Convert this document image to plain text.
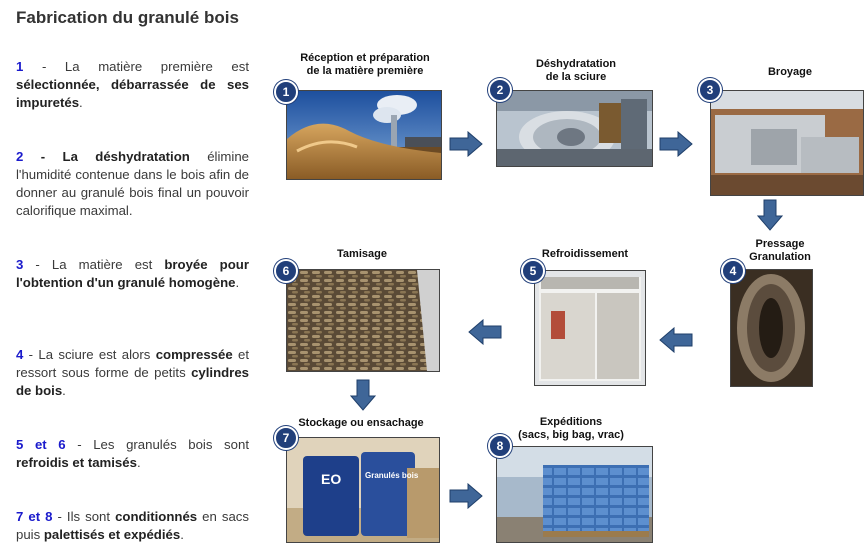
Fabrication du granulé bois
1 - La matière première est sélectionnée, débarrassée de ses impuretés.
2 - La déshydratation élimine l'humidité contenue dans le bois afin de donner au granulé bois final un pouvoir calorifique maximal.
3 - La matière est broyée pour l'obtention d'un granulé homogène.
4 - La sciure est alors compressée et ressort sous forme de petits cylindres de bois.
5 et 6 - Les granulés bois sont refroidis et tamisés.
7 et 8 - Ils sont conditionnés en sacs puis palettisés et expédiés.
Réception et préparation
de la matière première
1
Déshydratation
de la sciure
2
Broyage
3
Pressage
Granulation
4
Refroidissement
5
Tamisage
6
Stockage ou ensachage
EO	Granulés bois
7
Expéditions
(sacs, big bag, vrac)
8
